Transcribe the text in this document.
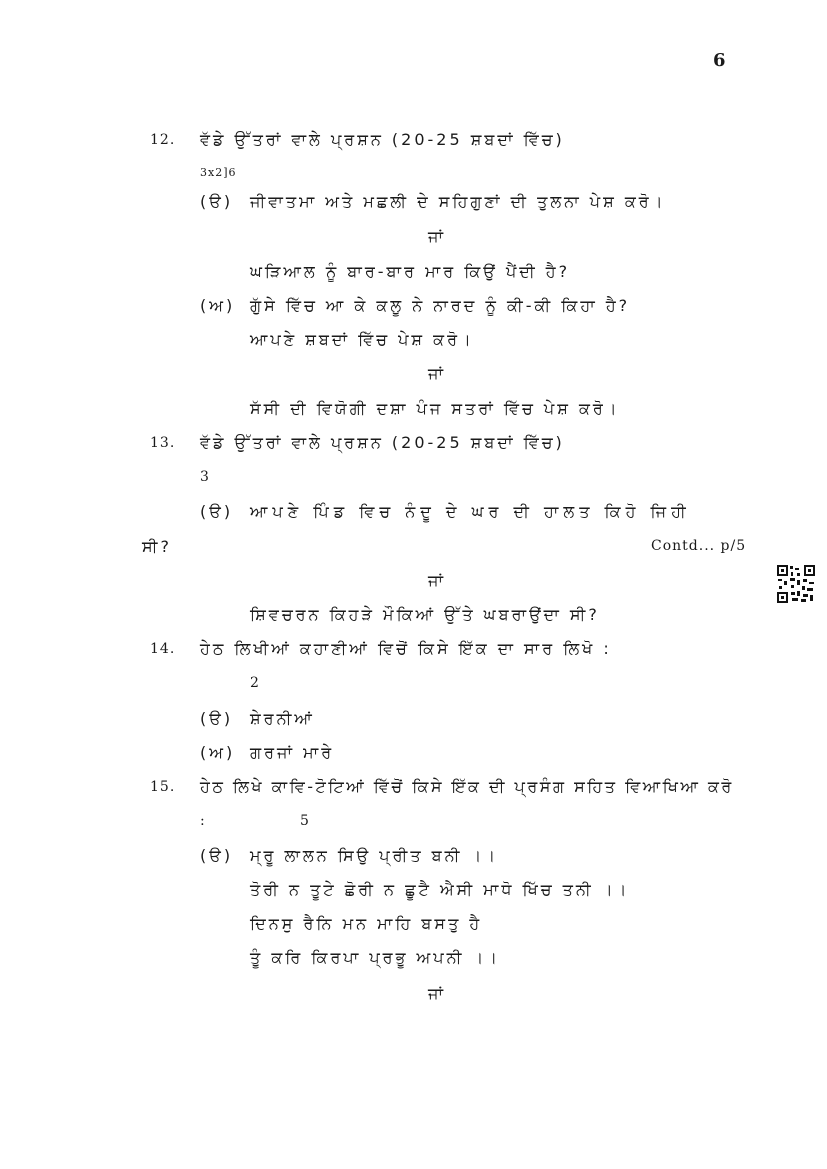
6
12. ਵੱਡੇ ਉੱਤਰਾਂ ਵਾਲੇ ਪ੍ਰਸ਼ਨ (20-25 ਸ਼ਬਦਾਂ ਵਿੱਚ)
3x2]6
(ੳ) ਜੀਵਾਤਮਾ ਅਤੇ ਮਛਲੀ ਦੇ ਸਹਿਗੁਣਾਂ ਦੀ ਤੁਲਨਾ ਪੇਸ਼ ਕਰੋ।
ਜਾਂ
ਘੜਿਆਲ ਨੂੰ ਬਾਰ-ਬਾਰ ਮਾਰ ਕਿਉਂ ਪੈਂਦੀ ਹੈ?
(ਅ) ਗੁੱਸੇ ਵਿੱਚ ਆ ਕੇ ਕਲੂ ਨੇ ਨਾਰਦ ਨੂੰ ਕੀ-ਕੀ ਕਿਹਾ ਹੈ?
ਆਪਣੇ ਸ਼ਬਦਾਂ ਵਿੱਚ ਪੇਸ਼ ਕਰੋ।
ਜਾਂ
ਸੱਸੀ ਦੀ ਵਿਯੋਗੀ ਦਸ਼ਾ ਪੰਜ ਸਤਰਾਂ ਵਿੱਚ ਪੇਸ਼ ਕਰੋ।
13. ਵੱਡੇ ਉੱਤਰਾਂ ਵਾਲੇ ਪ੍ਰਸ਼ਨ (20-25 ਸ਼ਬਦਾਂ ਵਿੱਚ)
3
(ੳ) ਆਪਣੇ ਪਿੰਡ ਵਿਚ ਨੰਦੂ ਦੇ ਘਰ ਦੀ ਹਾਲਤ ਕਿਹੋ ਜਿਹੀ
ਸੀ?	Contd... p/5
ਜਾਂ
ਸ਼ਿਵਚਰਨ ਕਿਹੜੇ ਮੌਕਿਆਂ ਉੱਤੇ ਘਬਰਾਉਂਦਾ ਸੀ?
14. ਹੇਠ ਲਿਖੀਆਂ ਕਹਾਣੀਆਂ ਵਿਚੋਂ ਕਿਸੇ ਇੱਕ ਦਾ ਸਾਰ ਲਿਖੋ :
2
(ੳ) ਸ਼ੇਰਨੀਆਂ
(ਅ) ਗਰਜਾਂ ਮਾਰੇ
15. ਹੇਠ ਲਿਖੇ ਕਾਵਿ-ਟੋਟਿਆਂ ਵਿੱਚੋਂ ਕਿਸੇ ਇੱਕ ਦੀ ਪ੍ਰਸੰਗ ਸਹਿਤ ਵਿਆਖਿਆ ਕਰੋ
:	5
(ੳ) ਮ੍ਰੂ ਲਾਲਨ ਸਿਉ ਪ੍ਰੀਤ ਬਨੀ ।।
ਤੋਰੀ ਨ ਤੂਟੇ ਛੋਰੀ ਨ ਛੂਟੈ ਐਸੀ ਮਾਧੋ ਖਿੱਚ ਤਨੀ ।।
ਦਿਨਸੁ ਰੈਨਿ ਮਨ ਮਾਹਿ ਬਸਤੁ ਹੈ
ਤੂੰ ਕਰਿ ਕਿਰਪਾ ਪ੍ਰਭੂ ਅਪਨੀ ।।
ਜਾਂ
